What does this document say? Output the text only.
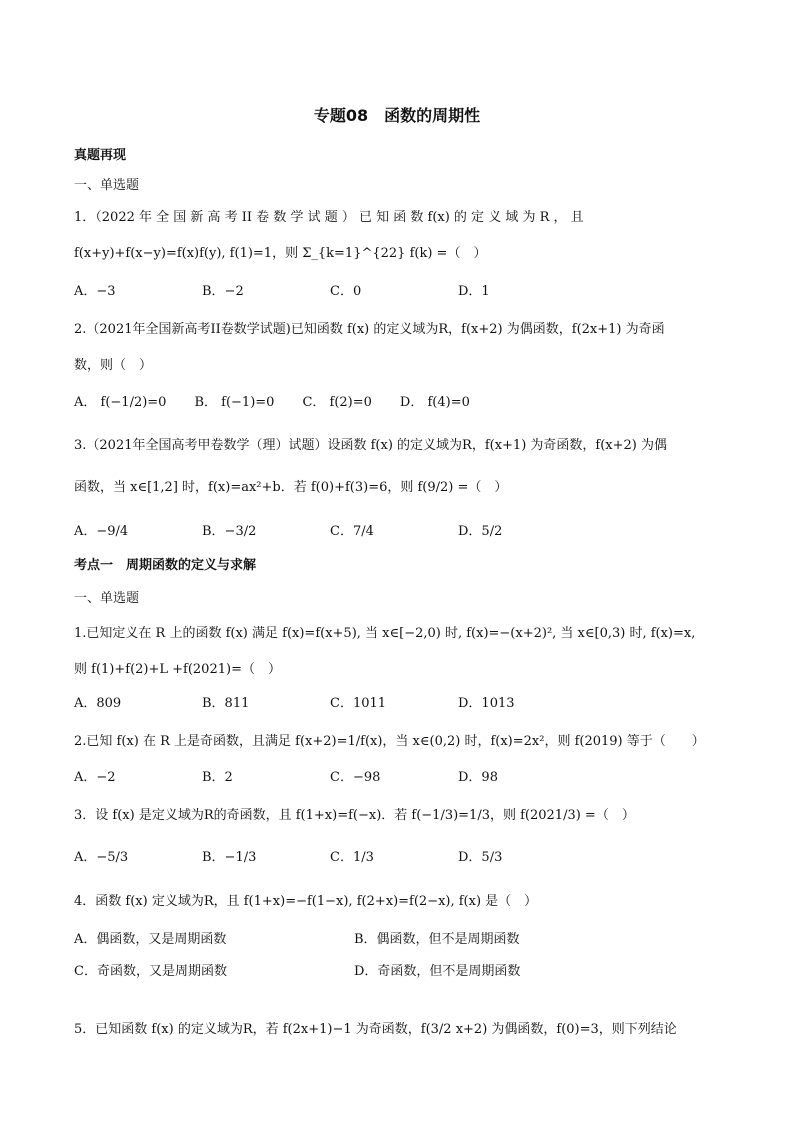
专题08　函数的周期性
真题再现
一、单选题
1．（2022 年 全 国 新 高 考 II 卷 数 学 试 题 ） 已 知 函 数 f(x) 的 定 义 域 为 R ， 且
f(x+y)+f(x−y)=f(x)f(y), f(1)=1，则 Σ_{k=1}^{22} f(k) =（　）
A．−3	B．−2	C．0	D．1
2.（2021年全国新高考II卷数学试题)已知函数 f(x) 的定义域为R，f(x+2) 为偶函数，f(2x+1) 为奇函
数，则（　）
A． f(−1/2)=0 B． f(−1)=0 C． f(2)=0 D． f(4)=0
3.（2021年全国高考甲卷数学（理）试题）设函数 f(x) 的定义域为R，f(x+1) 为奇函数，f(x+2) 为偶
函数，当 x∈[1,2] 时，f(x)=ax²+b．若 f(0)+f(3)=6，则 f(9/2) =（　）
A．−9/4	B．−3/2	C．7/4	D．5/2
考点一　周期函数的定义与求解
一、单选题
1.已知定义在 R 上的函数 f(x) 满足 f(x)=f(x+5), 当 x∈[−2,0) 时, f(x)=−(x+2)², 当 x∈[0,3) 时, f(x)=x,
则 f(1)+f(2)+L +f(2021)=（　）
A．809	B．811	C．1011	D．1013
2.已知 f(x) 在 R 上是奇函数，且满足 f(x+2)=1/f(x)，当 x∈(0,2) 时，f(x)=2x²，则 f(2019) 等于（　　）
A．−2	B．2	C．−98	D．98
3．设 f(x) 是定义域为R的奇函数，且 f(1+x)=f(−x)．若 f(−1/3)=1/3，则 f(2021/3) =（　）
A．−5/3	B．−1/3	C．1/3	D．5/3
4．函数 f(x) 定义域为R，且 f(1+x)=−f(1−x), f(2+x)=f(2−x), f(x) 是（　）
A．偶函数，又是周期函数	B．偶函数，但不是周期函数
C．奇函数，又是周期函数	D．奇函数，但不是周期函数
5．已知函数 f(x) 的定义域为R，若 f(2x+1)−1 为奇函数，f(3/2 x+2) 为偶函数，f(0)=3，则下列结论
